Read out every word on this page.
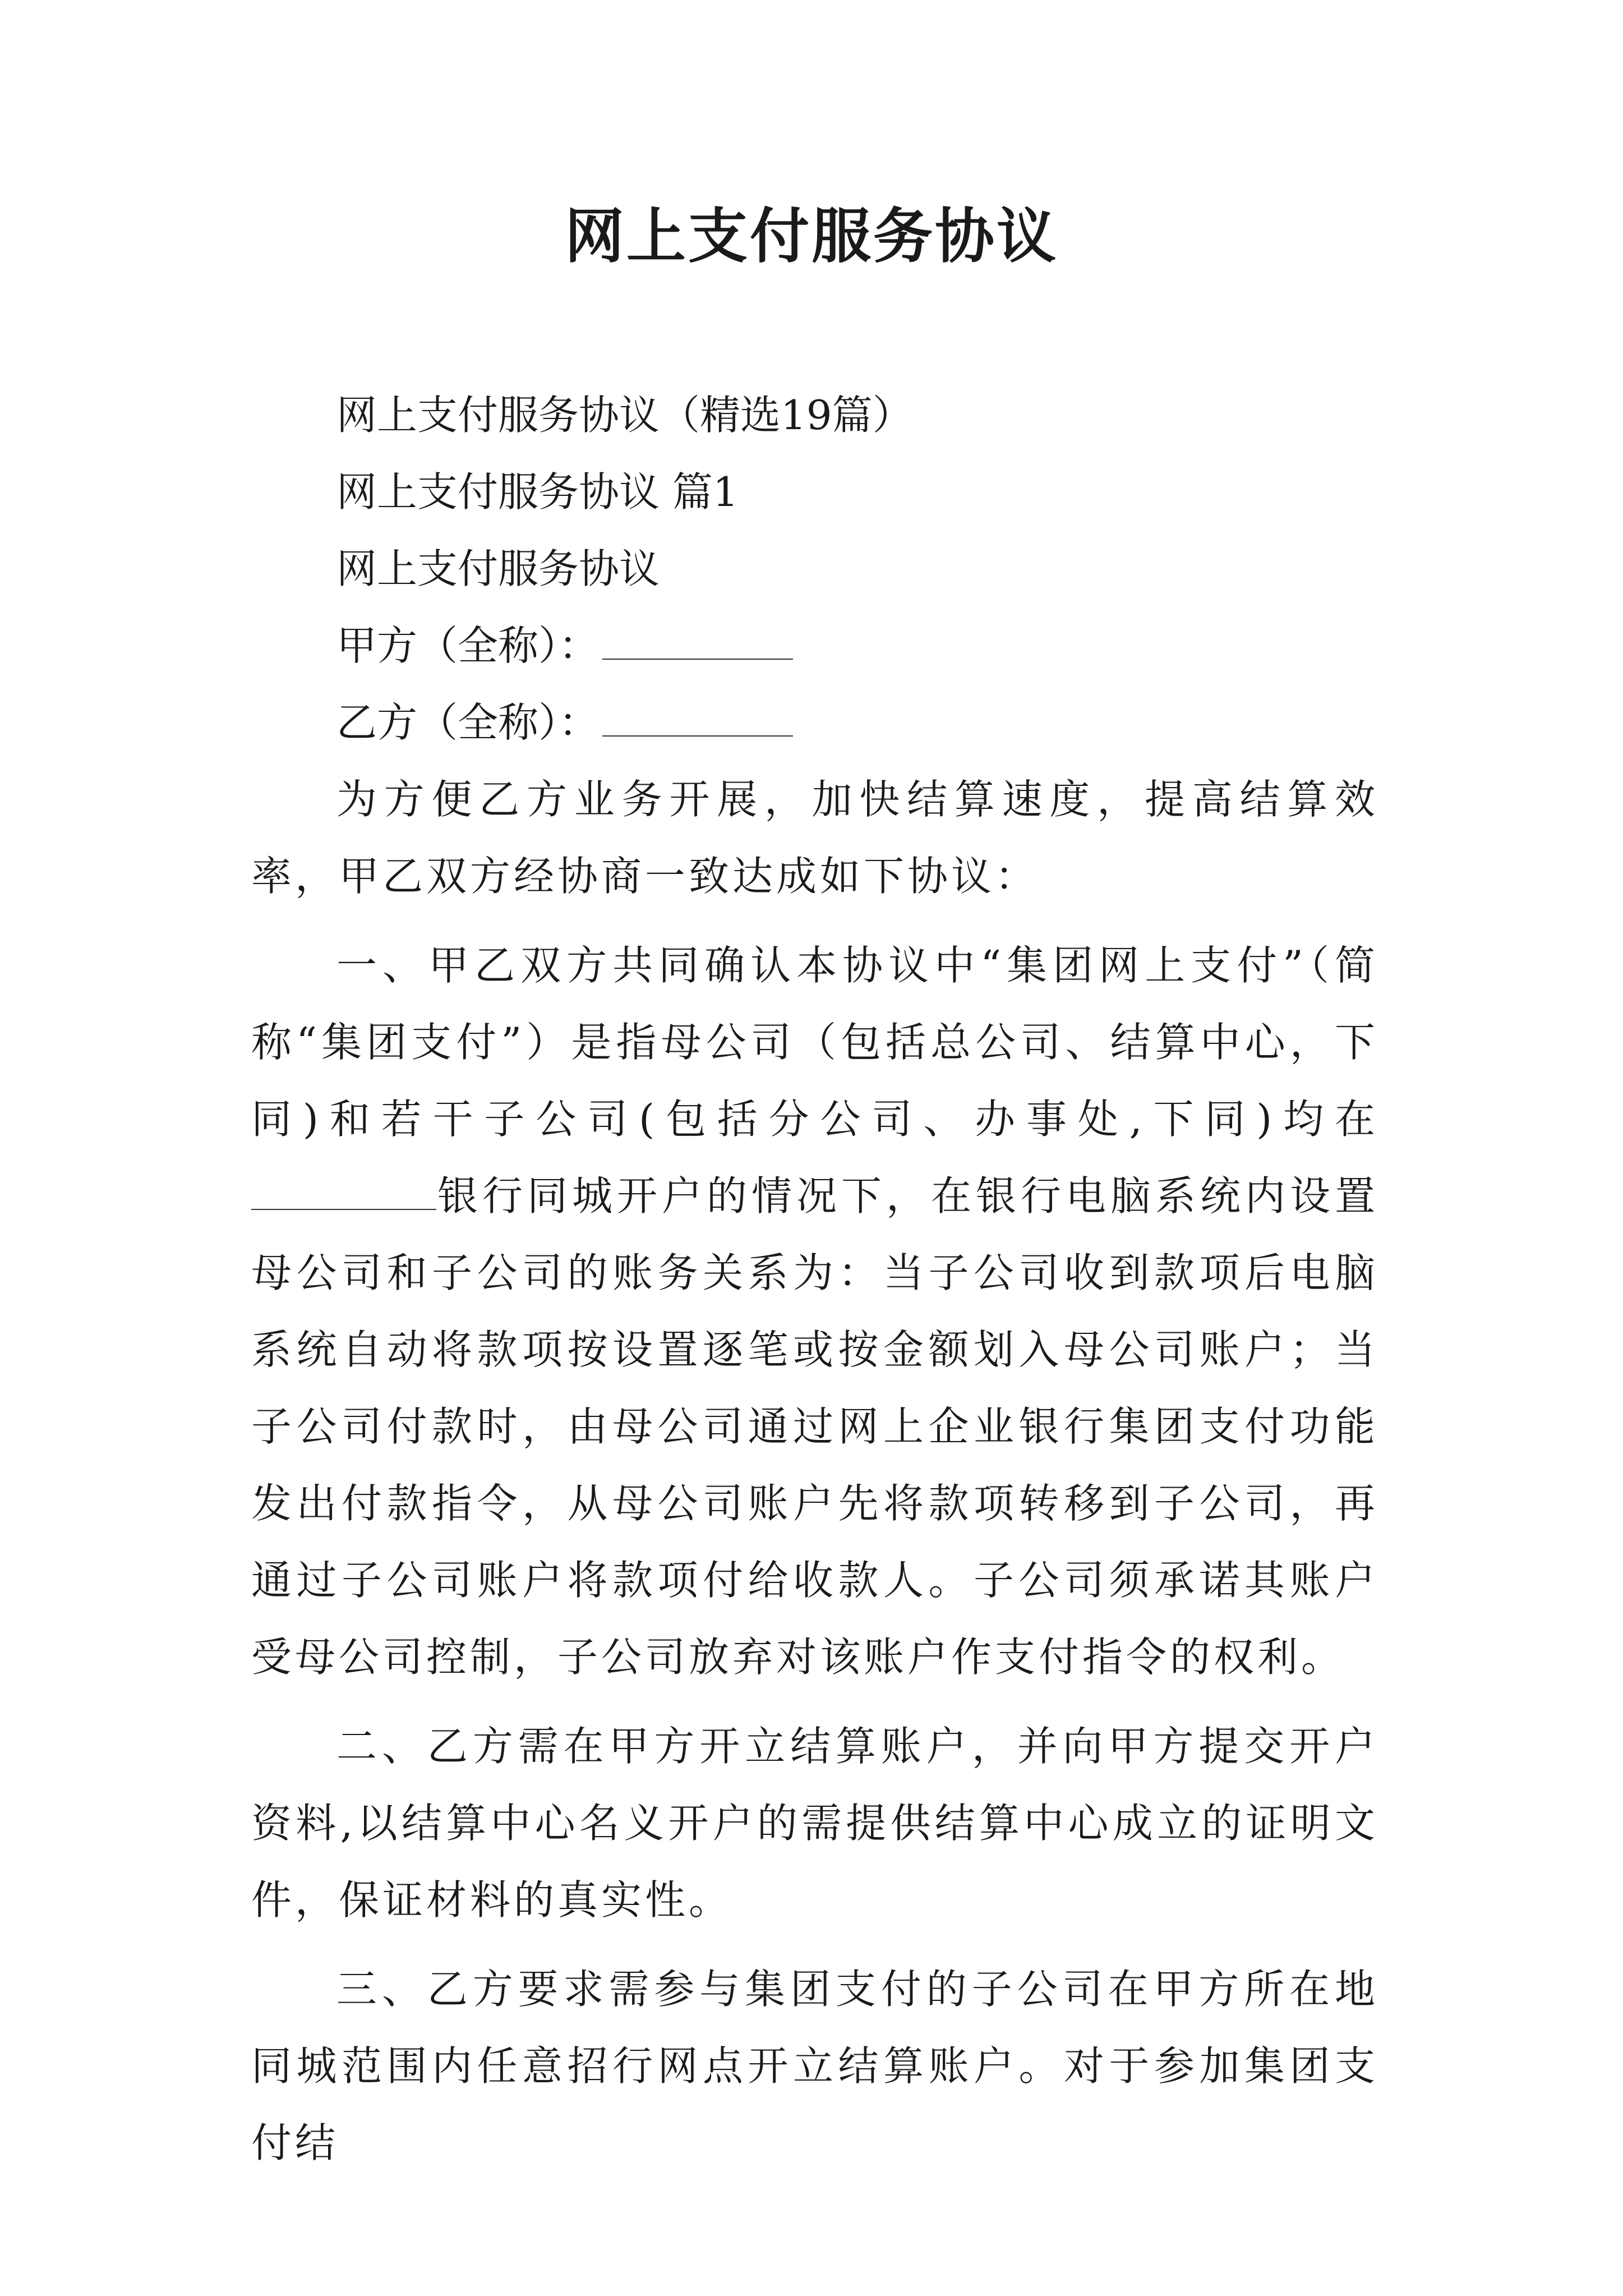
网上支付服务协议
网上支付服务协议（精选19篇）
网上支付服务协议 篇1
网上支付服务协议
甲方（全称）：
乙方（全称）：
为方便乙方业务开展，加快结算速度，提高结算效率，甲乙双方经协商一致达成如下协议：
一、甲乙双方共同确认本协议中“集团网上支付”（简称“集团支付”）是指母公司（包括总公司、结算中心，下同)和若干子公司(包括分公司、办事处,下同)均在银行同城开户的情况下，在银行电脑系统内设置母公司和子公司的账务关系为：当子公司收到款项后电脑系统自动将款项按设置逐笔或按金额划入母公司账户；当子公司付款时，由母公司通过网上企业银行集团支付功能发出付款指令，从母公司账户先将款项转移到子公司，再通过子公司账户将款项付给收款人。子公司须承诺其账户受母公司控制，子公司放弃对该账户作支付指令的权利。
二、乙方需在甲方开立结算账户，并向甲方提交开户资料,以结算中心名义开户的需提供结算中心成立的证明文件，保证材料的真实性。
三、乙方要求需参与集团支付的子公司在甲方所在地同城范围内任意招行网点开立结算账户。对于参加集团支付结
